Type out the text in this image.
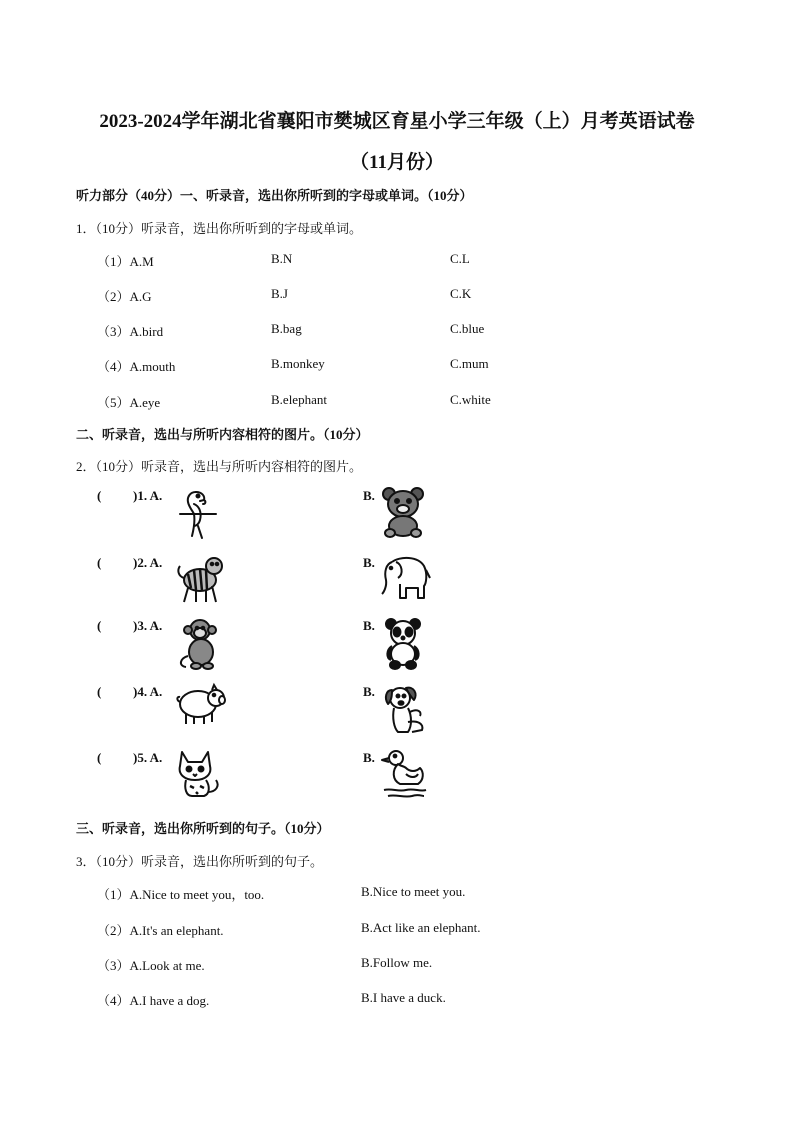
2023-2024学年湖北省襄阳市樊城区育星小学三年级（上）月考英语试卷
（11月份）
听力部分（40分）一、听录音，选出你所听到的字母或单词。（10分）
1．（10分）听录音，选出你所听到的字母或单词。
（1）A.M	B.N	C.L
（2）A.G	B.J	C.K
（3）A.bird	B.bag	C.blue
（4）A.mouth	B.monkey	C.mum
（5）A.eye	B.elephant	C.white
二、听录音，选出与所听内容相符的图片。（10分）
2．（10分）听录音，选出与所听内容相符的图片。
( )1. A.	B.
( )2. A.	B.
( )3. A.	B.
( )4. A.	B.
( )5. A.	B.
三、听录音，选出你所听到的句子。（10分）
3．（10分）听录音，选出你所听到的句子。
（1）A.Nice to meet you，too.	B.Nice to meet you.
（2）A.It's an elephant.	B.Act like an elephant.
（3）A.Look at me.	B.Follow me.
（4）A.I have a dog.	B.I have a duck.
